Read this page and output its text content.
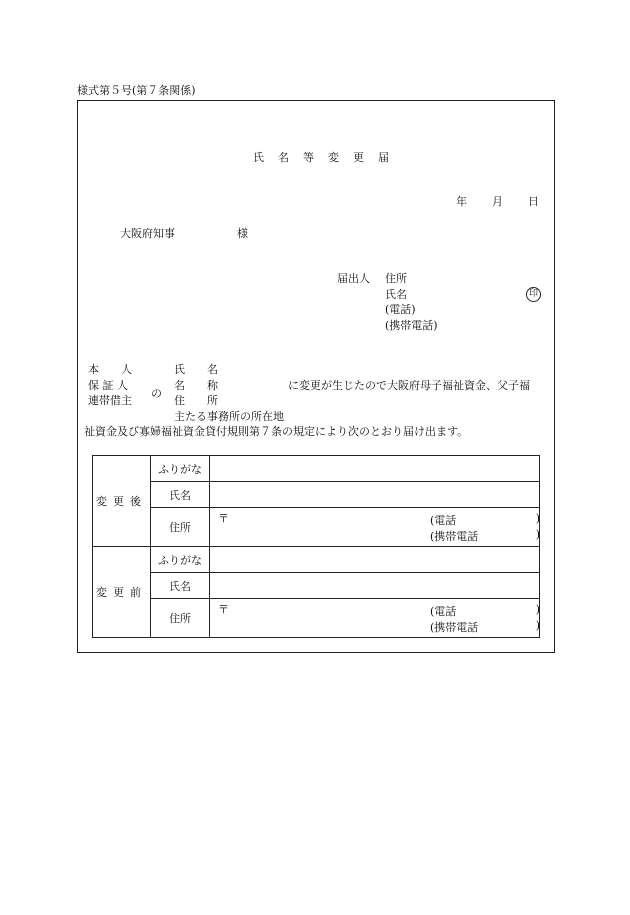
様式第５号(第７条関係)
氏 名 等 変 更 届
年 月 日
大阪府知事	様
届出人 住所
氏名	印
(電話)
(携帯電話)
本　　人
保 証 人
連帯借主
の
氏　　名
名　　称
住　　所
主たる事務所の所在地
に変更が生じたので大阪府母子福祉資金、父子福
祉資金及び寡婦福祉資金貸付規則第７条の規定により次のとおり届け出ます。
変更後	ふりがな	
	氏名	
	住所	〒 (電話 )
(携帯電話 )

変更前	ふりがな	
	氏名	
	住所	〒 (電話 )
(携帯電話 )
